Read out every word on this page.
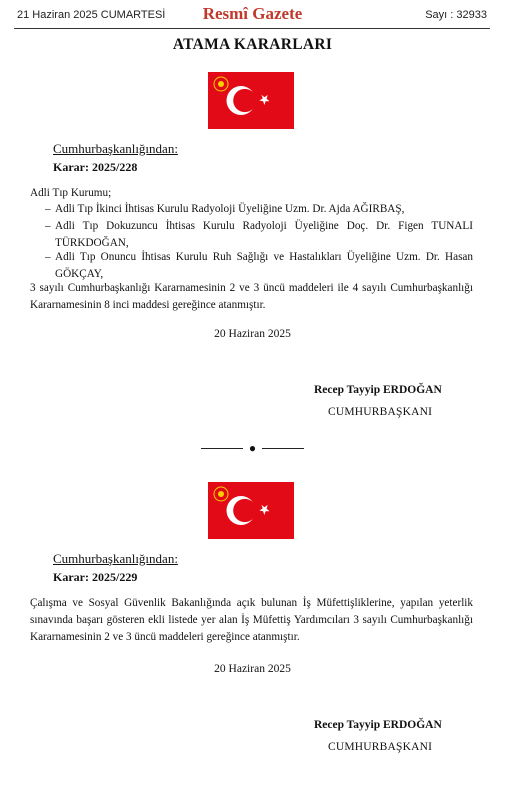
21 Haziran 2025 CUMARTESİ	Resmî Gazete	Sayı : 32933
ATAMA KARARLARI
Cumhurbaşkanlığından:
Karar: 2025/228
Adli Tıp Kurumu;
– Adli Tıp İkinci İhtisas Kurulu Radyoloji Üyeliğine Uzm. Dr. Ajda AĞIRBAŞ,
– Adli Tıp Dokuzuncu İhtisas Kurulu Radyoloji Üyeliğine Doç. Dr. Figen TUNALI TÜRKDOĞAN,
– Adli Tıp Onuncu İhtisas Kurulu Ruh Sağlığı ve Hastalıkları Üyeliğine Uzm. Dr. Hasan GÖKÇAY,
3 sayılı Cumhurbaşkanlığı Kararnamesinin 2 ve 3 üncü maddeleri ile 4 sayılı Cumhurbaşkanlığı Kararnamesinin 8 inci maddesi gereğince atanmıştır.
20 Haziran 2025
Recep Tayyip ERDOĞAN
CUMHURBAŞKANI
●
Cumhurbaşkanlığından:
Karar: 2025/229
Çalışma ve Sosyal Güvenlik Bakanlığında açık bulunan İş Müfettişliklerine, yapılan yeterlik sınavında başarı gösteren ekli listede yer alan İş Müfettiş Yardımcıları 3 sayılı Cumhurbaşkanlığı Kararnamesinin 2 ve 3 üncü maddeleri gereğince atanmıştır.
20 Haziran 2025
Recep Tayyip ERDOĞAN
CUMHURBAŞKANI
